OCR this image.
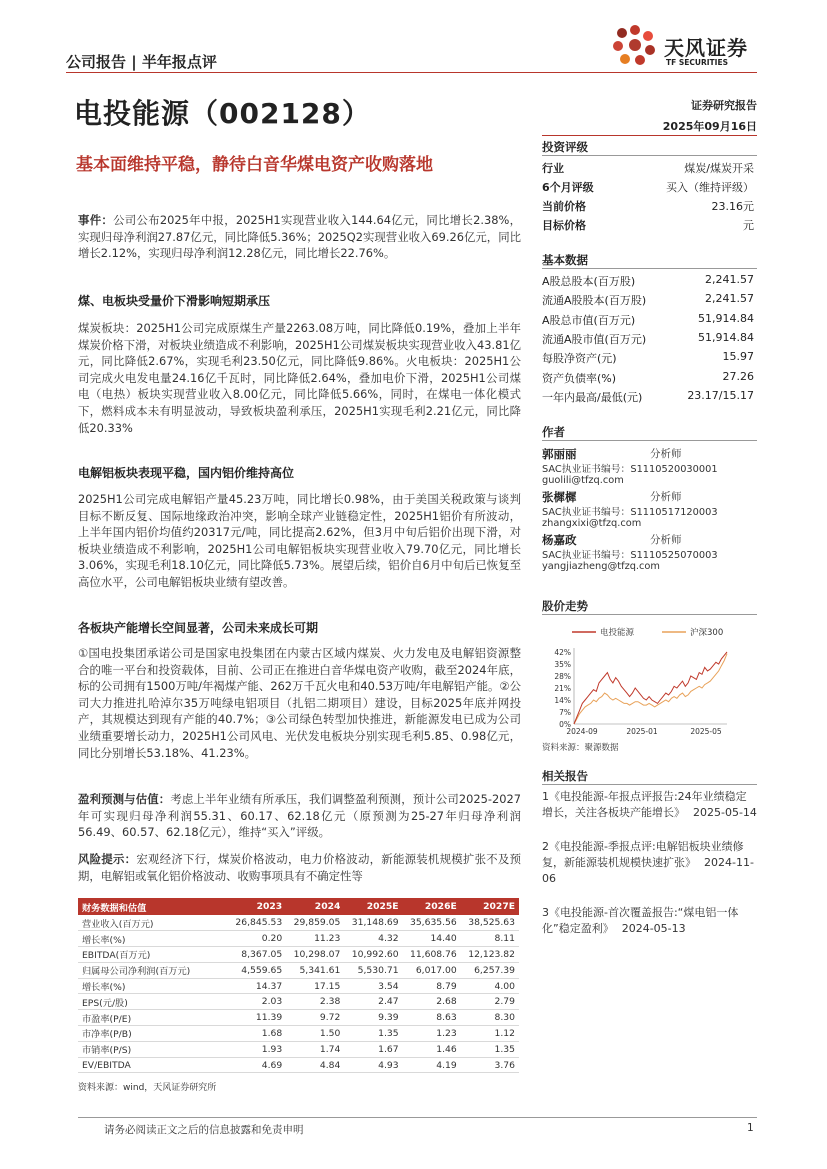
公司报告 | 半年报点评
天风证券
TF SECURITIES
电投能源（002128）	证券研究报告
2025年09月16日
基本面维持平稳，静待白音华煤电资产收购落地
事件：公司公布2025年中报，2025H1实现营业收入144.64亿元，同比增长2.38%，实现归母净利润27.87亿元，同比降低5.36%；2025Q2实现营业收入69.26亿元，同比增长2.12%，实现归母净利润12.28亿元，同比增长22.76%。
煤、电板块受量价下滑影响短期承压
煤炭板块：2025H1公司完成原煤生产量2263.08万吨，同比降低0.19%，叠加上半年煤炭价格下滑，对板块业绩造成不利影响，2025H1公司煤炭板块实现营业收入43.81亿元，同比降低2.67%，实现毛利23.50亿元，同比降低9.86%。火电板块：2025H1公司完成火电发电量24.16亿千瓦时，同比降低2.64%，叠加电价下滑，2025H1公司煤电（电热）板块实现营业收入8.00亿元，同比降低5.66%，同时，在煤电一体化模式下，燃料成本未有明显波动，导致板块盈利承压，2025H1实现毛利2.21亿元，同比降低20.33%
电解铝板块表现平稳，国内铝价维持高位
2025H1公司完成电解铝产量45.23万吨，同比增长0.98%，由于美国关税政策与谈判目标不断反复、国际地缘政治冲突，影响全球产业链稳定性，2025H1铝价有所波动，上半年国内铝价均值约20317元/吨，同比提高2.62%，但3月中旬后铝价出现下滑，对板块业绩造成不利影响，2025H1公司电解铝板块实现营业收入79.70亿元，同比增长3.06%，实现毛利18.10亿元，同比降低5.73%。展望后续，铝价自6月中旬后已恢复至高位水平，公司电解铝板块业绩有望改善。
各板块产能增长空间显著，公司未来成长可期
①国电投集团承诺公司是国家电投集团在内蒙古区域内煤炭、火力发电及电解铝资源整合的唯一平台和投资载体，目前、公司正在推进白音华煤电资产收购，截至2024年底，标的公司拥有1500万吨/年褐煤产能、262万千瓦火电和40.53万吨/年电解铝产能。②公司大力推进扎哈淖尔35万吨绿电铝项目（扎铝二期项目）建设，目标2025年底并网投产，其规模达到现有产能的40.7%；③公司绿色转型加快推进，新能源发电已成为公司业绩重要增长动力，2025H1公司风电、光伏发电板块分别实现毛利5.85、0.98亿元，同比分别增长53.18%、41.23%。
盈利预测与估值：考虑上半年业绩有所承压，我们调整盈利预测，预计公司2025-2027年可实现归母净利润55.31、60.17、62.18亿元（原预测为25-27年归母净利润56.49、60.57、62.18亿元），维持“买入”评级。
风险提示：宏观经济下行，煤炭价格波动，电力价格波动，新能源装机规模扩张不及预期，电解铝或氧化铝价格波动、收购事项具有不确定性等
财务数据和估值	2023	2024	2025E	2026E	2027E
营业收入(百万元)	26,845.53	29,859.05	31,148.69	35,635.56	38,525.63
增长率(%)	0.20	11.23	4.32	14.40	8.11
EBITDA(百万元)	8,367.05	10,298.07	10,992.60	11,608.76	12,123.82
归属母公司净利润(百万元)	4,559.65	5,341.61	5,530.71	6,017.00	6,257.39
增长率(%)	14.37	17.15	3.54	8.79	4.00
EPS(元/股)	2.03	2.38	2.47	2.68	2.79
市盈率(P/E)	11.39	9.72	9.39	8.63	8.30
市净率(P/B)	1.68	1.50	1.35	1.23	1.12
市销率(P/S)	1.93	1.74	1.67	1.46	1.35
EV/EBITDA	4.69	4.84	4.93	4.19	3.76
资料来源：wind，天风证券研究所
投资评级
行业	煤炭/煤炭开采
6个月评级	买入（维持评级）
当前价格	23.16元
目标价格	元
基本数据
A股总股本(百万股)	2,241.57
流通A股股本(百万股)	2,241.57
A股总市值(百万元)	51,914.84
流通A股市值(百万元)	51,914.84
每股净资产(元)	15.97
资产负债率(%)	27.26
一年内最高/最低(元)	23.17/15.17
作者
郭丽丽	分析师
SAC执业证书编号：S1110520030001
guolili@tfzq.com
张樨樨	分析师
SAC执业证书编号：S1110517120003
zhangxixi@tfzq.com
杨嘉政	分析师
SAC执业证书编号：S1110525070003
yangjiazheng@tfzq.com
股价走势
电投能源	沪深300
42%
35%
28%
21%
14%
7%
0%
2024-09	2025-01	2025-05
资料来源：聚源数据
相关报告
1《电投能源-年报点评报告:24年业绩稳定增长，关注各板块产能增长》 2025-05-14
2《电投能源-季报点评:电解铝板块业绩修复，新能源装机规模快速扩张》 2024-11-06
3《电投能源-首次覆盖报告:“煤电铝一体化”稳定盈利》 2024-05-13
请务必阅读正文之后的信息披露和免责申明	1
